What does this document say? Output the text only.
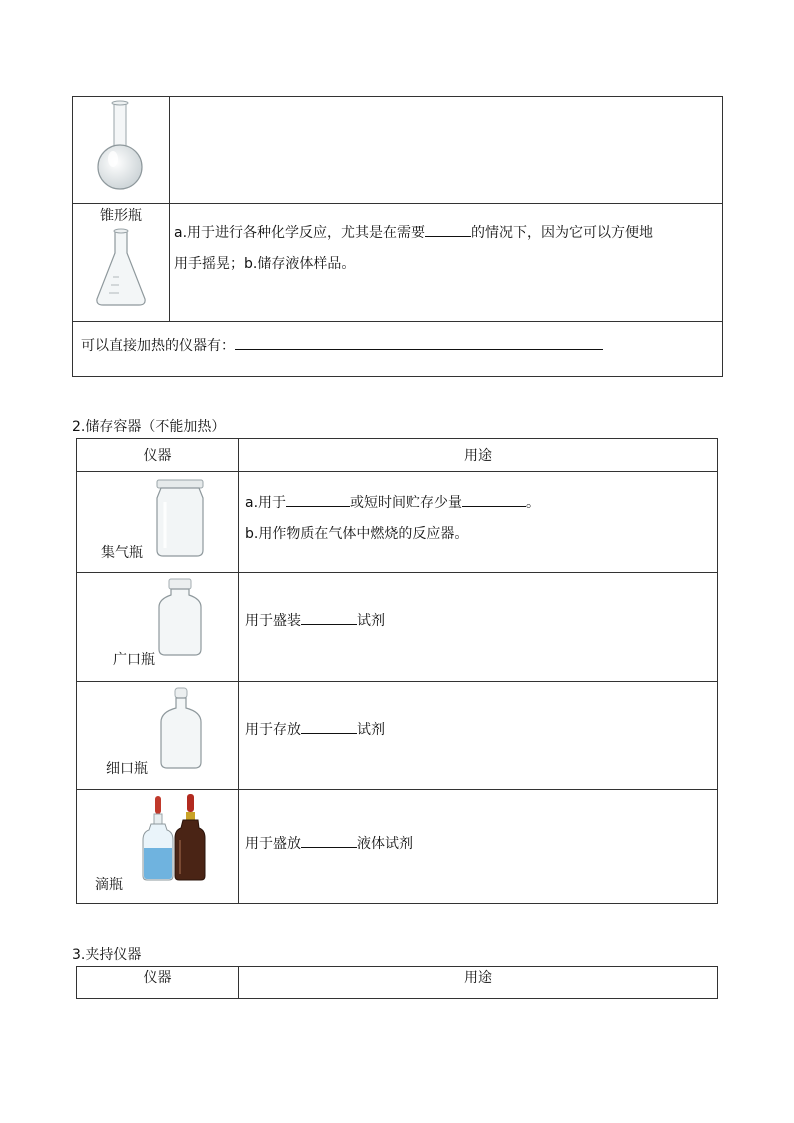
锥形瓶	a.用于进行各种化学反应，尤其是在需要 的情况下，因为它可以方便地
用手摇晃；b.储存液体样品。

可以直接加热的仪器有：	
2.储存容器（不能加热）
仪器	用途

集气瓶	a.用于 或短时间贮存少量 。
b.用作物质在气体中燃烧的反应器。

广口瓶	用于盛装 试剂

细口瓶	用于存放 试剂

滴瓶	用于盛放 液体试剂
3.夹持仪器
仪器	用途
